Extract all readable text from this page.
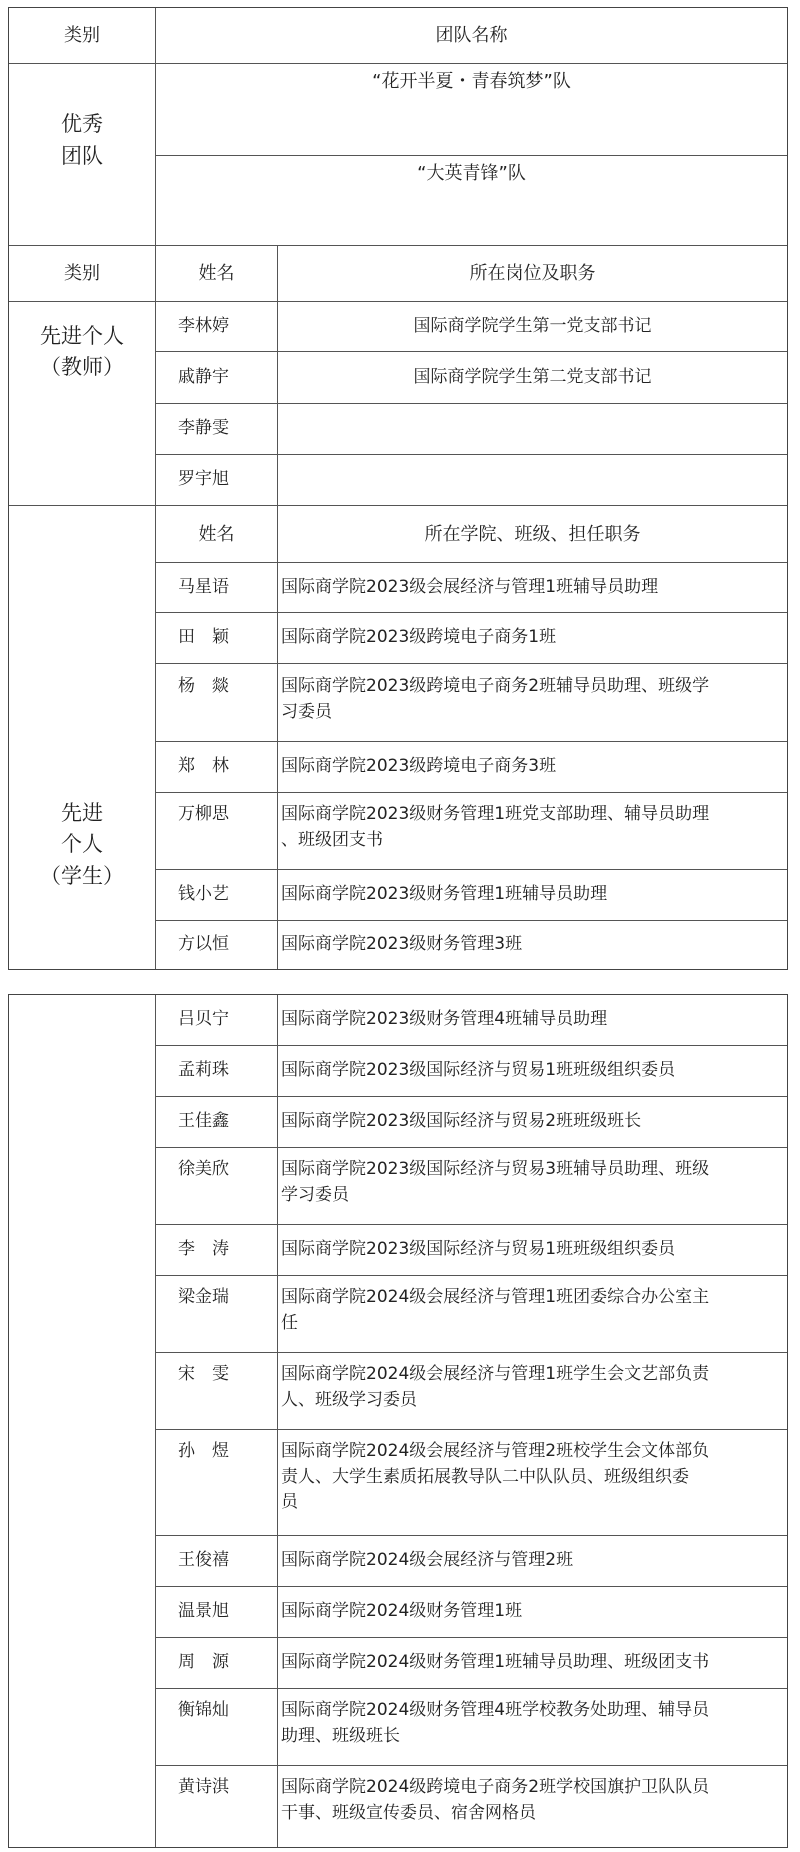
类别	团队名称
优秀
团队
“花开半夏・青春筑梦”队
“大英青锋”队
类别	姓名	所在岗位及职务
先进个人
（教师）
李林婷	国际商学院学生第一党支部书记
戚静宇	国际商学院学生第二党支部书记
李静雯
罗宇旭
姓名	所在学院、班级、担任职务
先进
个人
（学生）
马星语	国际商学院2023级会展经济与管理1班辅导员助理
田　颖	国际商学院2023级跨境电子商务1班
杨　燚	国际商学院2023级跨境电子商务2班辅导员助理、班级学
习委员
郑　林	国际商学院2023级跨境电子商务3班
万柳思	国际商学院2023级财务管理1班党支部助理、辅导员助理
、班级团支书
钱小艺	国际商学院2023级财务管理1班辅导员助理
方以恒	国际商学院2023级财务管理3班
吕贝宁	国际商学院2023级财务管理4班辅导员助理
孟莉珠	国际商学院2023级国际经济与贸易1班班级组织委员
王佳鑫	国际商学院2023级国际经济与贸易2班班级班长
徐美欣	国际商学院2023级国际经济与贸易3班辅导员助理、班级
学习委员
李　涛	国际商学院2023级国际经济与贸易1班班级组织委员
梁金瑞	国际商学院2024级会展经济与管理1班团委综合办公室主
任
宋　雯	国际商学院2024级会展经济与管理1班学生会文艺部负责
人、班级学习委员
孙　煜	国际商学院2024级会展经济与管理2班校学生会文体部负
责人、大学生素质拓展教导队二中队队员、班级组织委
员
王俊禧	国际商学院2024级会展经济与管理2班
温景旭	国际商学院2024级财务管理1班
周　源	国际商学院2024级财务管理1班辅导员助理、班级团支书
衡锦灿	国际商学院2024级财务管理4班学校教务处助理、辅导员
助理、班级班长
黄诗淇	国际商学院2024级跨境电子商务2班学校国旗护卫队队员
干事、班级宣传委员、宿舍网格员
